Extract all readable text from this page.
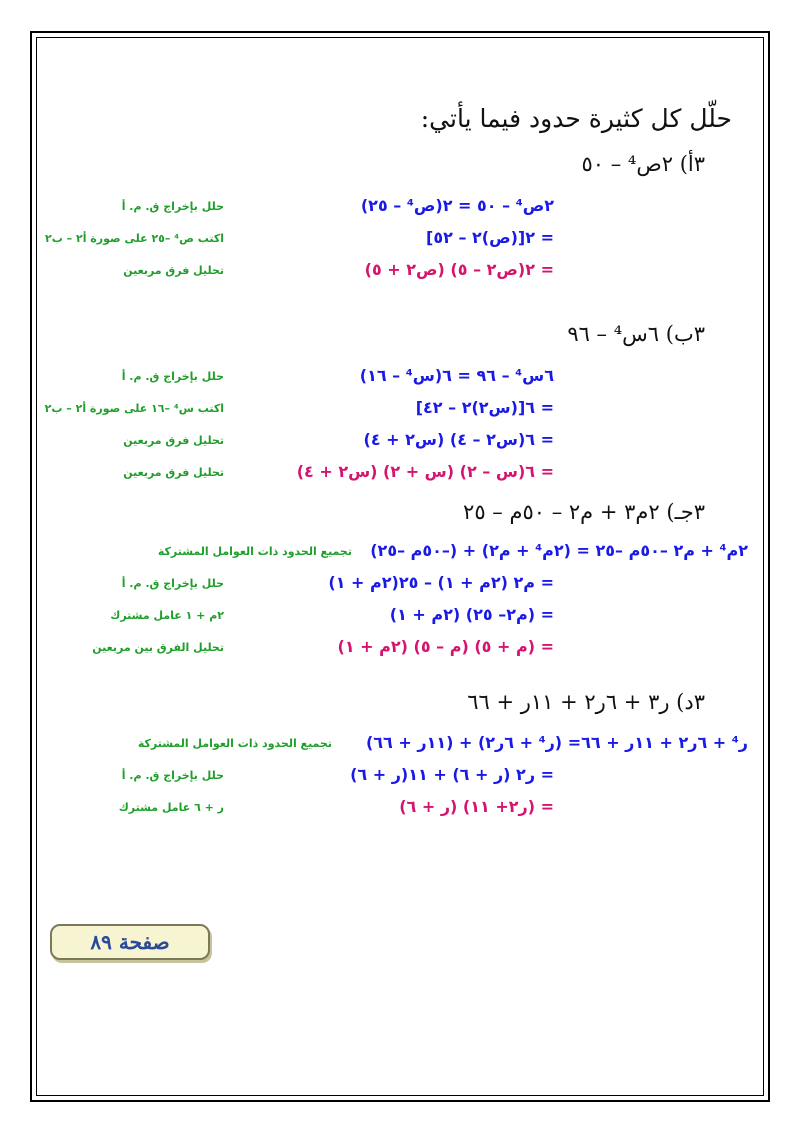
حلّل كل كثيرة حدود فيما يأتي:
٣أ) ٢ص⁴ – ٥٠
٢ص⁴ – ٥٠ = ٢(ص⁴ – ٢٥)
حلل بإخراج ق. م. أ
= ٢[(ص)٢ – ٥٢]
اكتب ص⁴ –٢٥ على صورة أ٢ – ب٢
= ٢(ص٢ – ٥) (ص٢ + ٥)
تحليل فرق مربعين
٣ب) ٦س⁴ – ٩٦
٦س⁴ – ٩٦ = ٦(س⁴ – ١٦)
حلل بإخراج ق. م. أ
= ٦[(س٢)٢ – ٤٢]
اكتب س⁴ –١٦ على صورة أ٢ – ب٢
= ٦(س٢ – ٤) (س٢ + ٤)
تحليل فرق مربعين
= ٦(س – ٢) (س + ٢) (س٢ + ٤)
تحليل فرق مربعين
٣جـ) ٢م٣ + م٢ – ٥٠م – ٢٥
٢م⁴ + م٢ –٥٠م –٢٥ = (٢م⁴ + م٢) + (–٥٠م –٢٥)
تجميع الحدود ذات العوامل المشتركة
= م٢ (٢م + ١) – ٢٥(٢م + ١)
حلل بإخراج ق. م. أ
= (م٢– ٢٥) (٢م + ١)
٢م + ١ عامل مشترك
= (م + ٥) (م – ٥) (٢م + ١)
تحليل الفرق بين مربعين
٣د) ر٣ + ٦ر٢ + ١١ر + ٦٦
ر⁴ + ٦ر٢ + ١١ر + ٦٦= (ر⁴ + ٦ر٢) + (١١ر + ٦٦)
تجميع الحدود ذات العوامل المشتركة
= ر٢ (ر + ٦) + ١١(ر + ٦)
حلل بإخراج ق. م. أ
= (ر٢+ ١١) (ر + ٦)
ر + ٦ عامل مشترك
صفحة ٨٩
